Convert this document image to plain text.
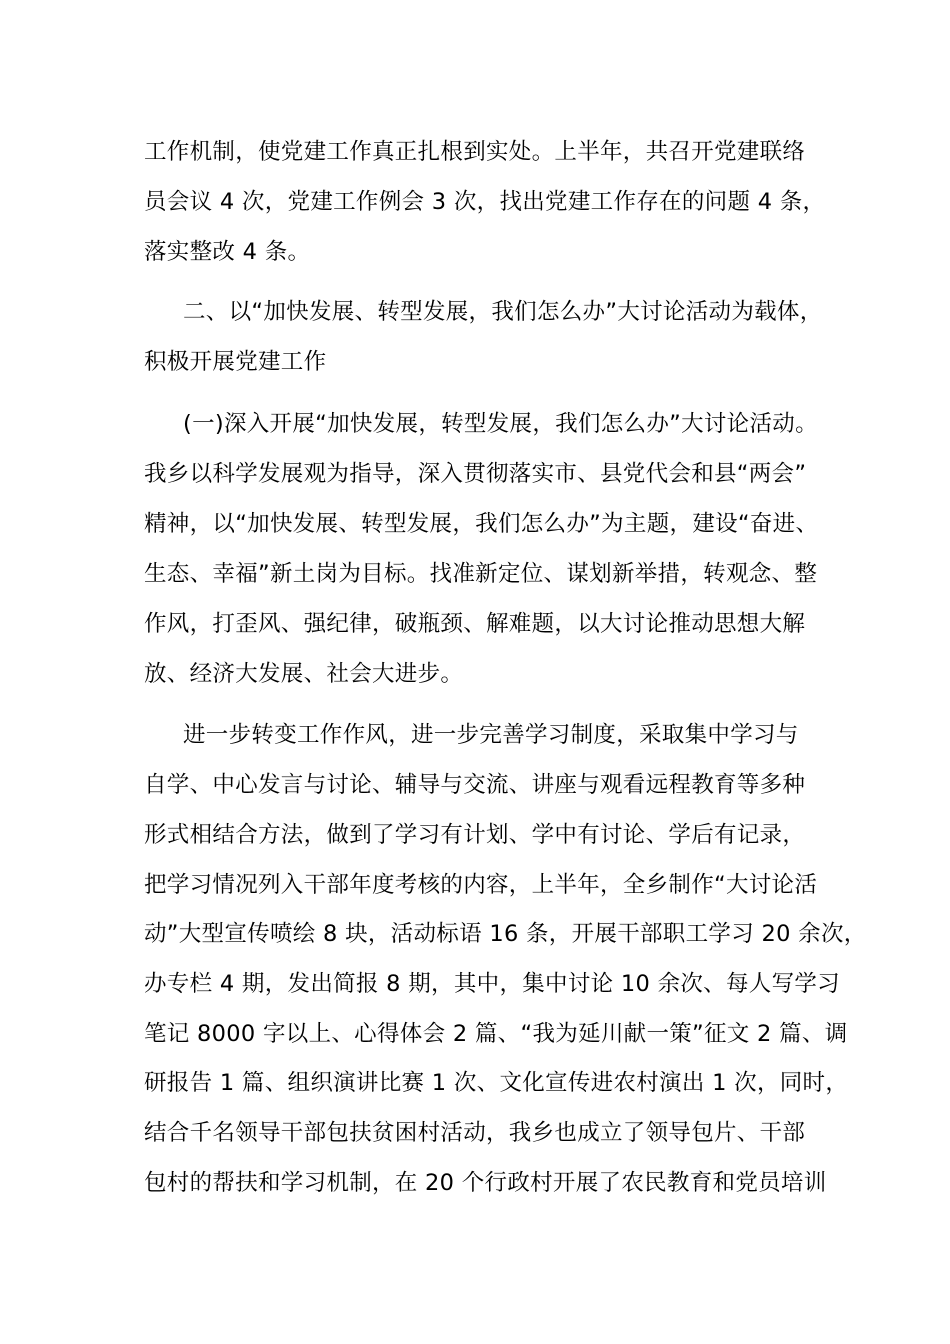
工作机制，使党建工作真正扎根到实处。上半年，共召开党建联络
员会议 4 次，党建工作例会 3 次，找出党建工作存在的问题 4 条，
落实整改 4 条。
二、以“加快发展、转型发展，我们怎么办”大讨论活动为载体，
积极开展党建工作
(一)深入开展“加快发展，转型发展，我们怎么办”大讨论活动。
我乡以科学发展观为指导，深入贯彻落实市、县党代会和县“两会”
精神，以“加快发展、转型发展，我们怎么办”为主题，建设“奋进、
生态、幸福”新土岗为目标。找准新定位、谋划新举措，转观念、整
作风，打歪风、强纪律，破瓶颈、解难题，以大讨论推动思想大解
放、经济大发展、社会大进步。
进一步转变工作作风，进一步完善学习制度，采取集中学习与
自学、中心发言与讨论、辅导与交流、讲座与观看远程教育等多种
形式相结合方法，做到了学习有计划、学中有讨论、学后有记录，
把学习情况列入干部年度考核的内容，上半年，全乡制作“大讨论活
动”大型宣传喷绘 8 块，活动标语 16 条，开展干部职工学习 20 余次，
办专栏 4 期，发出简报 8 期，其中，集中讨论 10 余次、每人写学习
笔记 8000 字以上、心得体会 2 篇、“我为延川献一策”征文 2 篇、调
研报告 1 篇、组织演讲比赛 1 次、文化宣传进农村演出 1 次，同时，
结合千名领导干部包扶贫困村活动，我乡也成立了领导包片、干部
包村的帮扶和学习机制，在 20 个行政村开展了农民教育和党员培训
